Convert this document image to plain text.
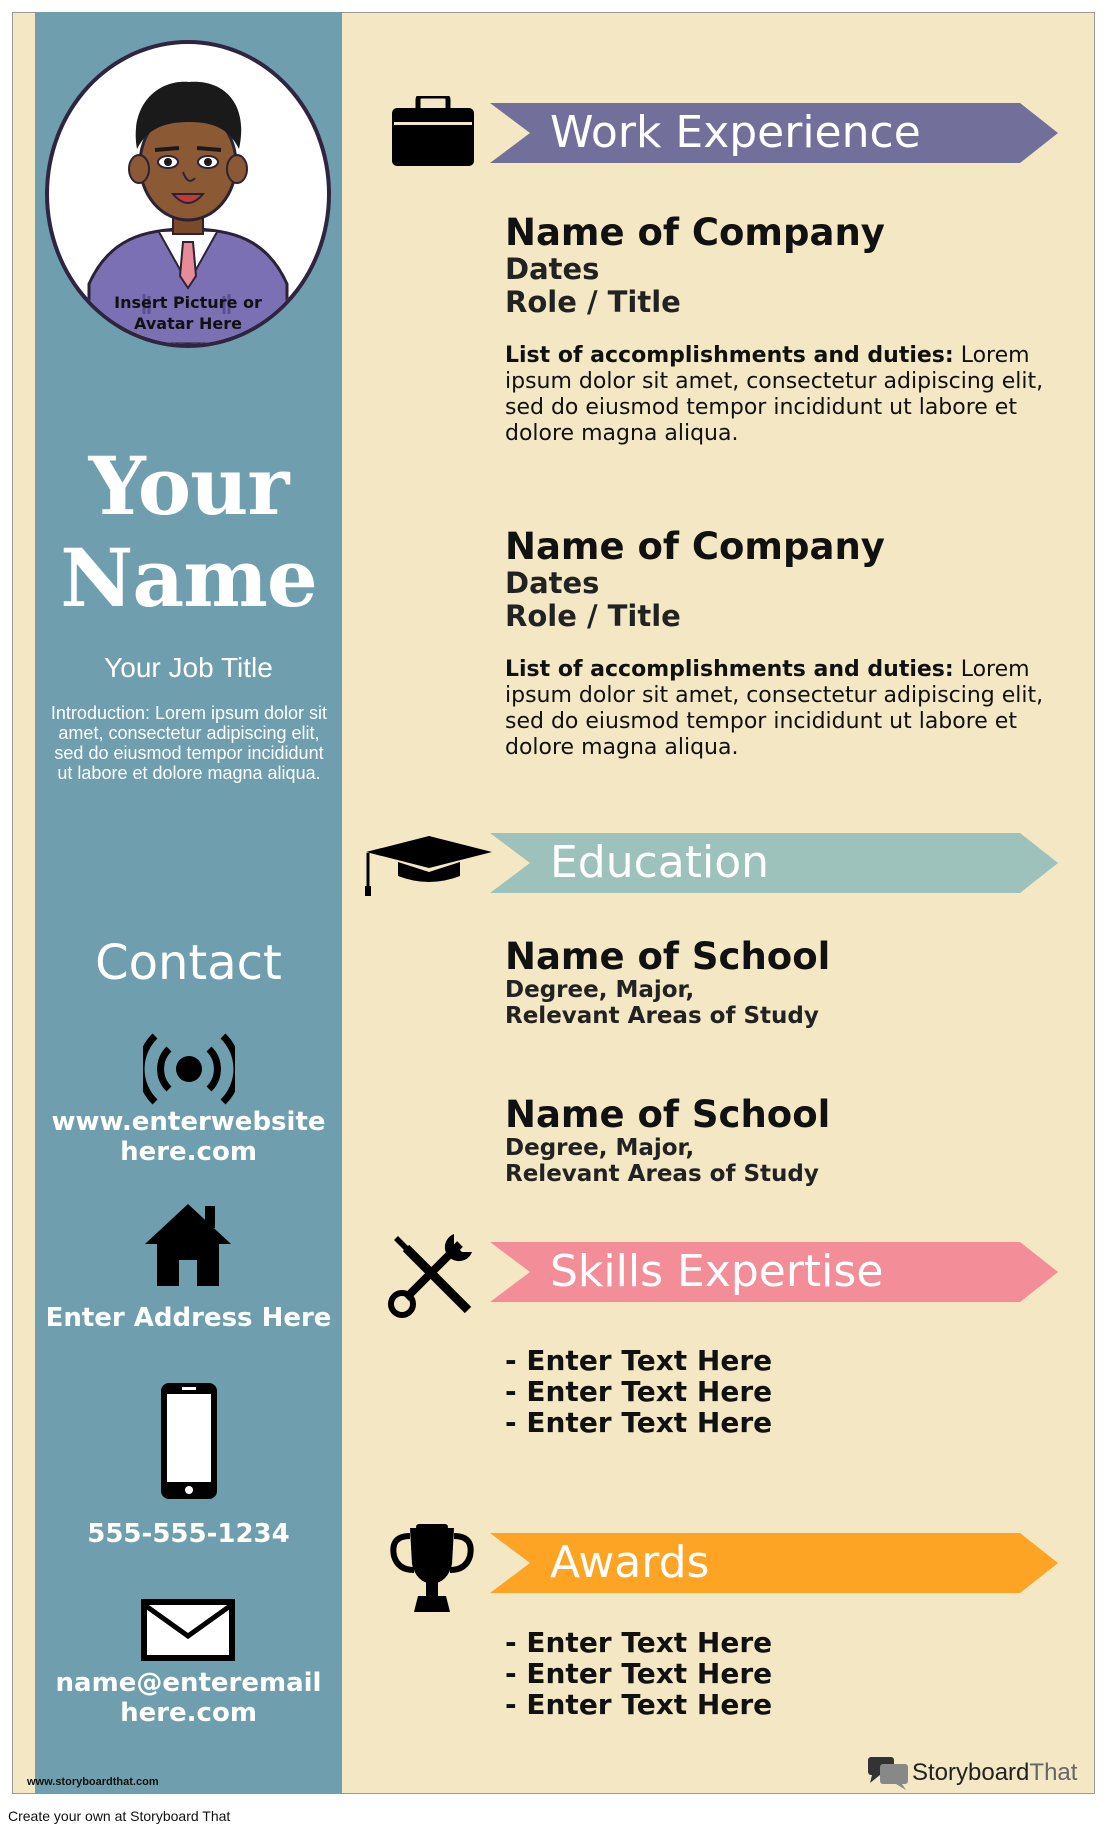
Insert Picture or
Avatar Here
Your
Name
Your Job Title
Introduction: Lorem ipsum dolor sit amet, consectetur adipiscing elit, sed do eiusmod tempor incididunt ut labore et dolore magna aliqua.
Contact
www.enterwebsite
here.com
Enter Address Here
555-555-1234
name@enteremail
here.com
Work Experience
Name of Company
Dates
Role / Title
List of accomplishments and duties: Lorem ipsum dolor sit amet, consectetur adipiscing elit, sed do eiusmod tempor incididunt ut labore et dolore magna aliqua.
Name of Company
Dates
Role / Title
List of accomplishments and duties: Lorem ipsum dolor sit amet, consectetur adipiscing elit, sed do eiusmod tempor incididunt ut labore et dolore magna aliqua.
Education
Name of School
Degree, Major,
Relevant Areas of Study
Name of School
Degree, Major,
Relevant Areas of Study
Skills Expertise
- Enter Text Here
- Enter Text Here
- Enter Text Here
Awards
- Enter Text Here
- Enter Text Here
- Enter Text Here
www.storyboardthat.com	StoryboardThat
Create your own at Storyboard That
